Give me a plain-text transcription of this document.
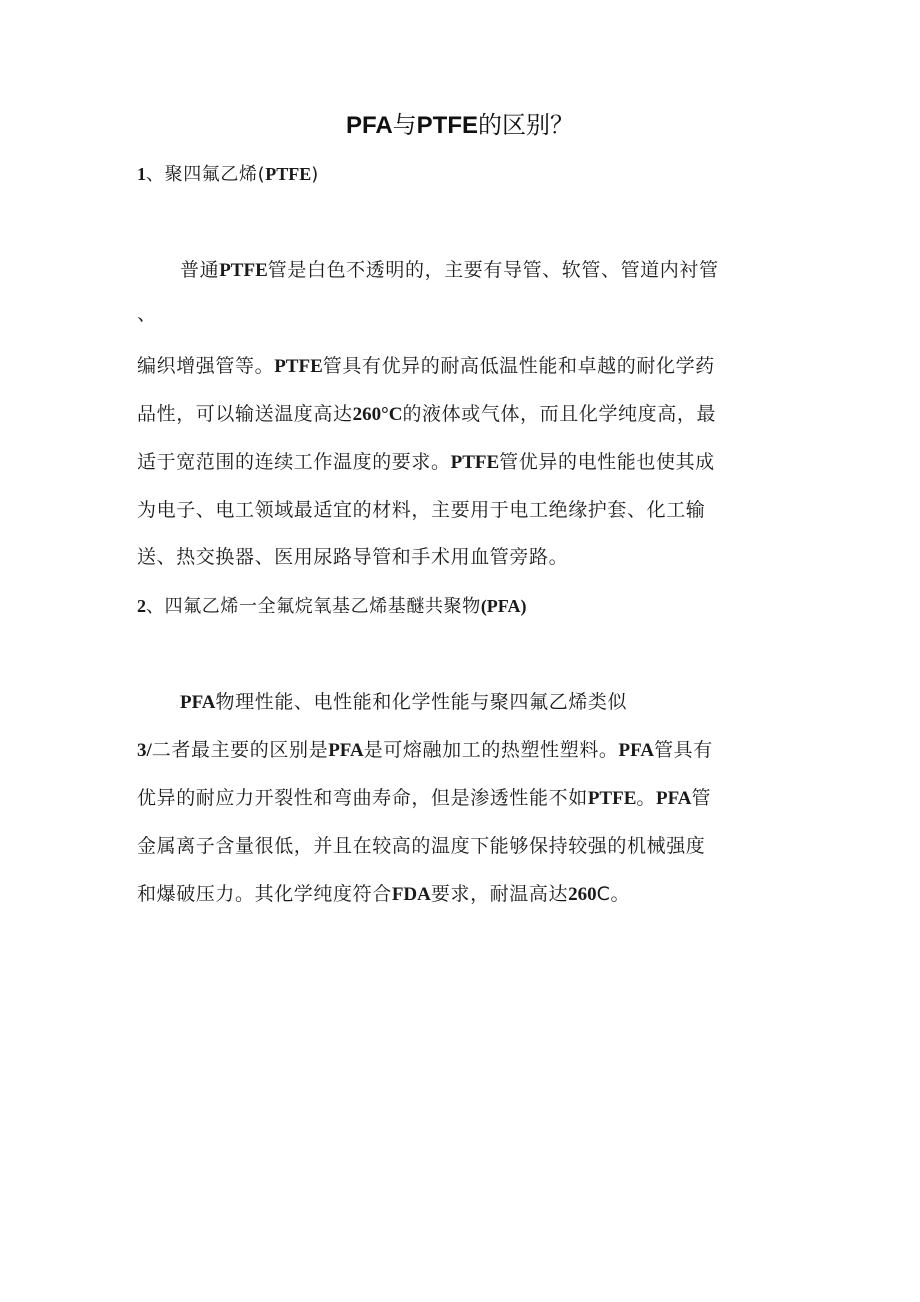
PFA与PTFE的区别？
1、聚四氟乙烯(PTFE)
普通PTFE管是白色不透明的，主要有导管、软管、管道内衬管
、
编织增强管等。PTFE管具有优异的耐高低温性能和卓越的耐化学药
品性，可以输送温度高达260°C的液体或气体，而且化学纯度高，最
适于宽范围的连续工作温度的要求。PTFE管优异的电性能也使其成
为电子、电工领域最适宜的材料，主要用于电工绝缘护套、化工输
送、热交换器、医用尿路导管和手术用血管旁路。
2、四氟乙烯一全氟烷氧基乙烯基醚共聚物(PFA)
PFA物理性能、电性能和化学性能与聚四氟乙烯类似
3/二者最主要的区别是PFA是可熔融加工的热塑性塑料。PFA管具有
优异的耐应力开裂性和弯曲寿命，但是渗透性能不如PTFE。PFA管
金属离子含量很低，并且在较高的温度下能够保持较强的机械强度
和爆破压力。其化学纯度符合FDA要求，耐温高达260C。
